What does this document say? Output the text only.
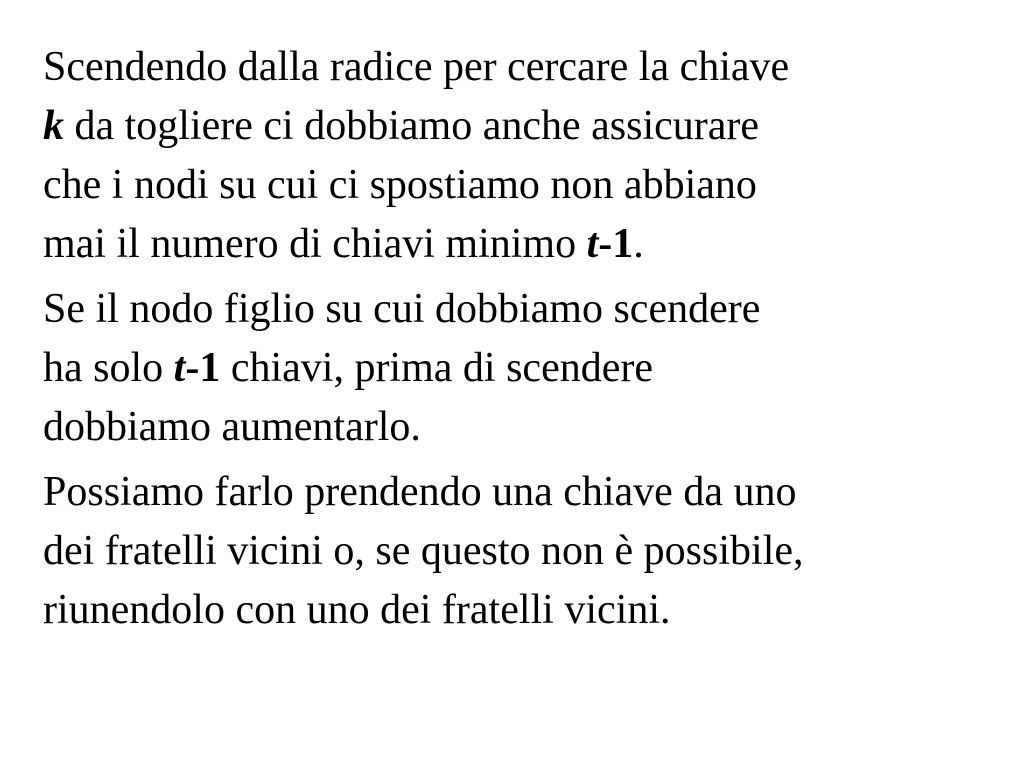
Scendendo dalla radice per cercare la chiave
k da togliere ci dobbiamo anche assicurare
che i nodi su cui ci spostiamo non abbiano
mai il numero di chiavi minimo t-1.

Se il nodo figlio su cui dobbiamo scendere
ha solo t-1 chiavi, prima di scendere
dobbiamo aumentarlo.

Possiamo farlo prendendo una chiave da uno
dei fratelli vicini o, se questo non è possibile,
riunendolo con uno dei fratelli vicini.
